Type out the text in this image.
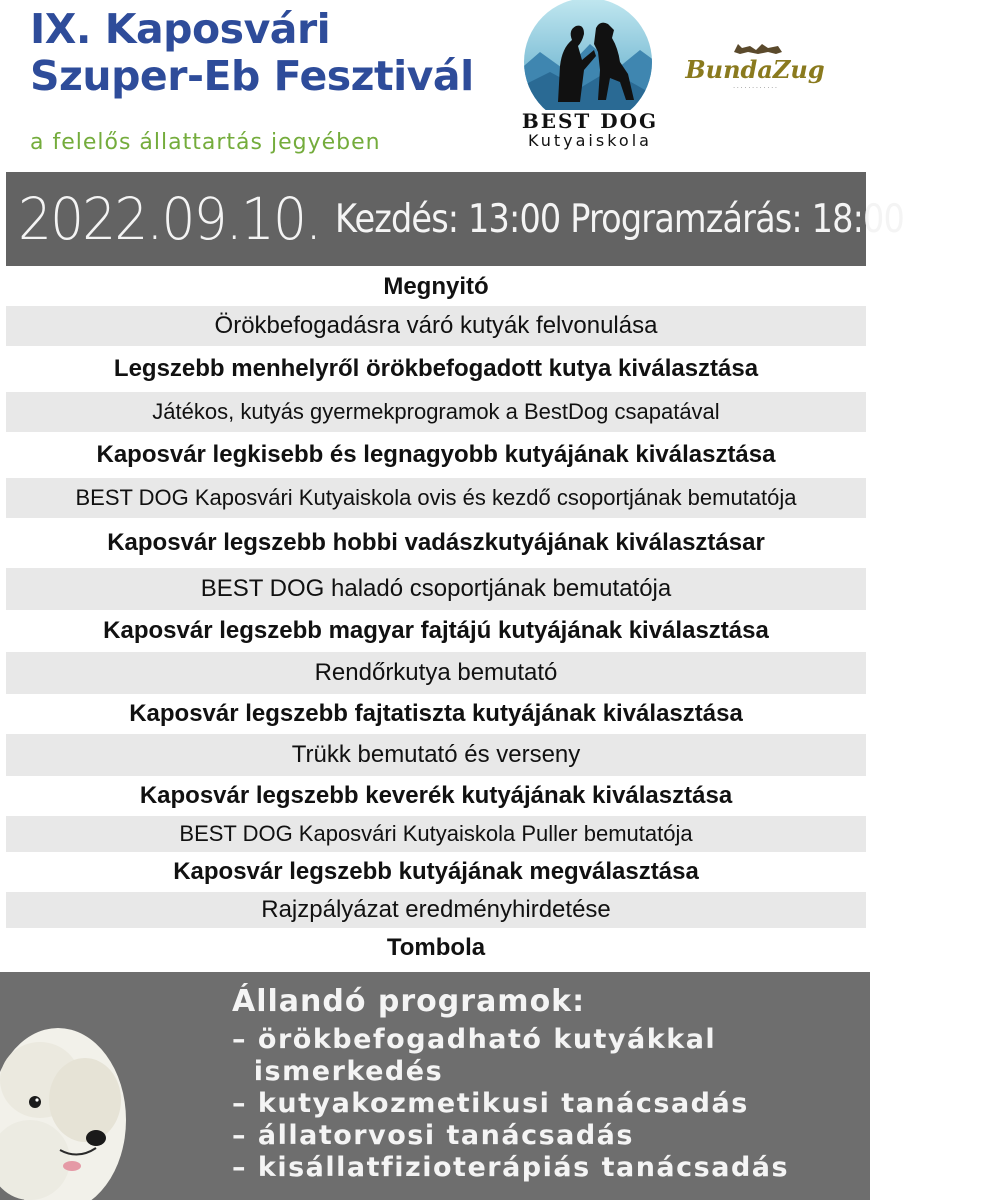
IX. Kaposvári
Szuper-Eb Fesztivál
a felelős állattartás jegyében
BEST DOG
Kutyaiskola
BundaZug
· · · · · · · · · · · ·
2022.09.10. Kezdés: 13:00 Programzárás: 18:00
Megnyitó
Örökbefogadásra váró kutyák felvonulása
Legszebb menhelyről örökbefogadott kutya kiválasztása
Játékos, kutyás gyermekprogramok a BestDog csapatával
Kaposvár legkisebb és legnagyobb kutyájának kiválasztása
BEST DOG Kaposvári Kutyaiskola ovis és kezdő csoportjának bemutatója
Kaposvár legszebb hobbi vadászkutyájának kiválasztásar
BEST DOG haladó csoportjának bemutatója
Kaposvár legszebb magyar fajtájú kutyájának kiválasztása
Rendőrkutya bemutató
Kaposvár legszebb fajtatiszta kutyájának kiválasztása
Trükk bemutató és verseny
Kaposvár legszebb keverék kutyájának kiválasztása
BEST DOG Kaposvári Kutyaiskola Puller bemutatója
Kaposvár legszebb kutyájának megválasztása
Rajzpályázat eredményhirdetése
Tombola
Állandó programok:
– örökbefogadható kutyákkal
ismerkedés
– kutyakozmetikusi tanácsadás
– állatorvosi tanácsadás
– kisállatfizioterápiás tanácsadás
